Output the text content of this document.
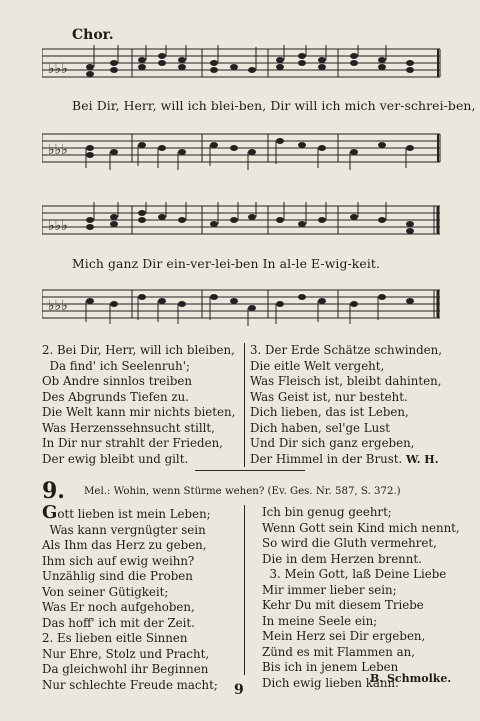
Chor.
♭♭♭
Bei Dir, Herr, will ich blei-ben, Dir will ich mich ver-schrei-ben,
♭♭♭
♭♭♭
Mich ganz Dir ein-ver-lei-ben In al-le E-wig-keit.
♭♭♭
2. Bei Dir, Herr, will ich bleiben,
Da find' ich Seelenruh';
Ob Andre sinnlos treiben
Des Abgrunds Tiefen zu.
Die Welt kann mir nichts bieten,
Was Herzenssehnsucht stillt,
In Dir nur strahlt der Frieden,
Der ewig bleibt und gilt.
3. Der Erde Schätze schwinden,
Die eitle Welt vergeht,
Was Fleisch ist, bleibt dahinten,
Was Geist ist, nur besteht.
Dich lieben, das ist Leben,
Dich haben, sel'ge Lust
Und Dir sich ganz ergeben,
Der Himmel in der Brust. W. H.
9. Mel.: Wohin, wenn Stürme wehen? (Ev. Ges. Nr. 587, S. 372.)
Gott lieben ist mein Leben;
Was kann vergnügter sein
Als Ihm das Herz zu geben,
Ihm sich auf ewig weihn?
Unzählig sind die Proben
Von seiner Gütigkeit;
Was Er noch aufgehoben,
Das hoff' ich mit der Zeit.
2. Es lieben eitle Sinnen
Nur Ehre, Stolz und Pracht,
Da gleichwohl ihr Beginnen
Nur schlechte Freude macht;
Ich bin genug geehrt;
Wenn Gott sein Kind mich nennt,
So wird die Gluth vermehret,
Die in dem Herzen brennt.
3. Mein Gott, laß Deine Liebe
Mir immer lieber sein;
Kehr Du mit diesem Triebe
In meine Seele ein;
Mein Herz sei Dir ergeben,
Zünd es mit Flammen an,
Bis ich in jenem Leben
Dich ewig lieben kann.
B. Schmolke.
9
